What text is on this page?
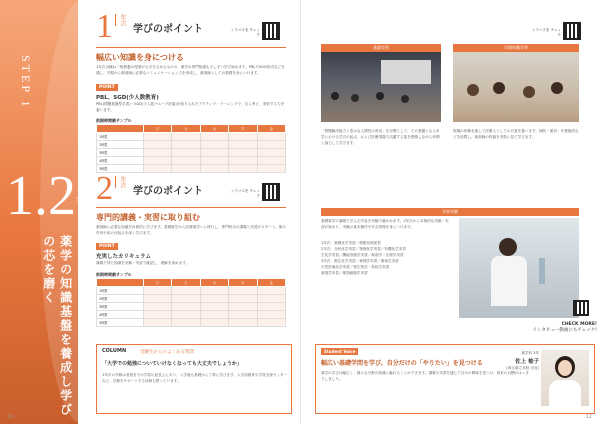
STEP 1
1.2年次
薬学の知識基盤を養成し学びの芯を磨く
1	年次
学びのポイント	シラバスを チェック
幅広い知識を身につける
1年次は概ね一般教養の授業が大半を占めるものの、薬学の専門知識も少しずつ学び始めます。PBLやSGD形式などを通し、早期から薬剤師に必要なコミュニケーション力を育成し、薬剤師としての基礎を身につけます。
POINT
PBL、SGD(少人数教育)
PBL(問題基盤型学習)・SGD(少人数グループ討論)を取り入れたアクティブ・ラーニングで、自ら考え、発信する力を養います。
前期時間割サンプル
	月	火	水	木	金
1時限					
2時限					
3時限					
4時限					
5時限					
2	年次
学びのポイント	シラバスを チェック
専門的講義・実習に取り組む
薬剤師に必要な知識を体系的に学びます。基礎薬学から医療薬学へと移行し、専門科目の講義と実習がスタート。薬の作用や体の仕組みを深く学びます。
POINT
充実したカリキュラム
講義で得た知識を実験・実習で確認し、理解を深めます。
前期時間割サンプル
	月	火	水	木	金
1時限					
2時限					
3時限					
4時限					
5時限					
COLUMN	受験生からのよくある質問
「大学での勉強についていけなくなっても大丈夫でしょうか」
1年次の学修は高校までの学習の延長上にあり、入学後も基礎から丁寧に学びます。入学前教育や学習支援センターなど、学修をサポートする体制も整っています。
11
基礎実習	早期体験学習
「問題解決能力と豊かな人間性の育成」を目標として、その基盤となる本学における学びの起点、および医療現場で活躍する姿を想像しながら仲間と協力して学びます。
現場の体験を通して医療人としての自覚を養います。病院・薬局・介護施設などを訪問し、薬剤師の役割を実際に見て学びます。
シラバスを チェック
実習実験
基礎薬学の講義で学んだ内容を実験で確かめます。2年次から本格的な実験・実習が始まり、実験の基本操作や安全管理を身につけます。
1年次：基礎化学実習／情報処理演習
2年次：分析化学実習／物理化学実習／有機化学実習
生化学実習／機能形態学実習／薬剤学・生理学実習
3年次：衛生化学実習／薬理学実習／薬剤学実習
天然医薬品学実習／微生物学・免疫学実習
薬剤学実習／薬物動態学実習
CHECK MORE!
インタビュー動画にもチェック!
Student Voice
幅広い基礎学問を学び、自分だけの「やりたい」を見つける
薬学の学びは幅広く、様々な分野の知識に触れることができます。講義や実習を通じて自分の興味を見つけ、将来の目標がはっきりしました。
薬学科 3年
佐上 柚子
(埼玉県立高校 出身)
12
